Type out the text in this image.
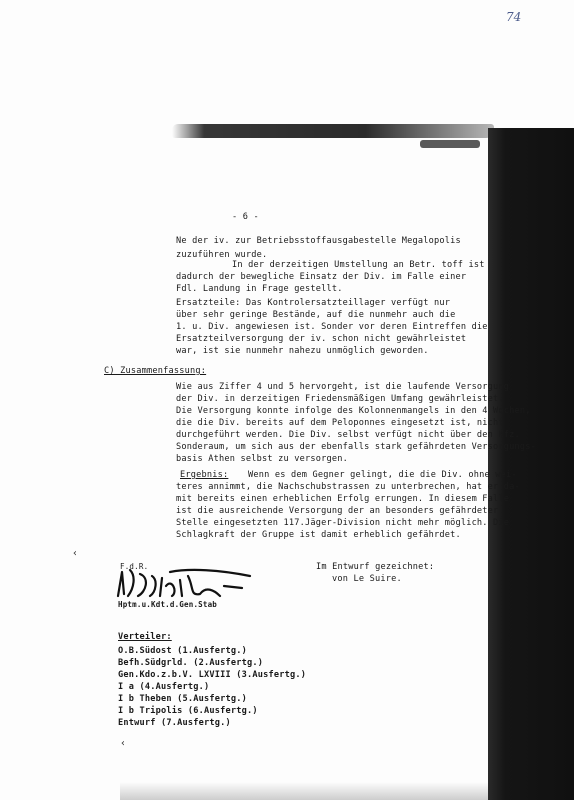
74
- 6 -
Ne der iv. zur Betriebsstoffausgabestelle Megalopolis
zuzuführen wurde.
In der derzeitigen Umstellung an Betr. toff ist
dadurch der bewegliche Einsatz der Div. im Falle einer
Fdl. Landung in Frage gestellt.
Ersatzteile: Das Kontrolersatzteillager verfügt nur
über sehr geringe Bestände, auf die nunmehr auch die
1. u. Div. angewiesen ist. Sonder vor deren Eintreffen die
Ersatzteilversorgung der iv. schon nicht gewährleistet
war, ist sie nunmehr nahezu unmöglich geworden.
C) Zusammenfassung:
Wie aus Ziffer 4 und 5 hervorgeht, ist die laufende Versorgung
der Div. in derzeitigen Friedensmäßigen Umfang gewährleistet.
Die Versorgung konnte infolge des Kolonnenmangels in den 4 Wochen,
die die Div. bereits auf dem Peloponnes eingesetzt ist, nicht
durchgeführt werden. Die Div. selbst verfügt nicht über den Kfz.
Sonderaum, um sich aus der ebenfalls stark gefährdeten Versorgungs-
basis Athen selbst zu versorgen.
Ergebnis: Wenn es dem Gegner gelingt, die die Div. ohne wei-
teres annimmt, die Nachschubstrassen zu unterbrechen, hat er da-
mit bereits einen erheblichen Erfolg errungen. In diesem Falle
ist die ausreichende Versorgung der an besonders gefährdeter
Stelle eingesetzten 117.Jäger-Division nicht mehr möglich. Die
Schlagkraft der Gruppe ist damit erheblich gefährdet.
Im Entwurf gezeichnet:
von Le Suire.
F.d.R.
Hptm.u.Kdt.d.Gen.Stab
Verteiler:
O.B.Südost (1.Ausfertg.)
Befh.Südgrld. (2.Ausfertg.)
Gen.Kdo.z.b.V. LXVIII (3.Ausfertg.)
I a (4.Ausfertg.)
I b Theben (5.Ausfertg.)
I b Tripolis (6.Ausfertg.)
Entwurf (7.Ausfertg.)
‹
‹
